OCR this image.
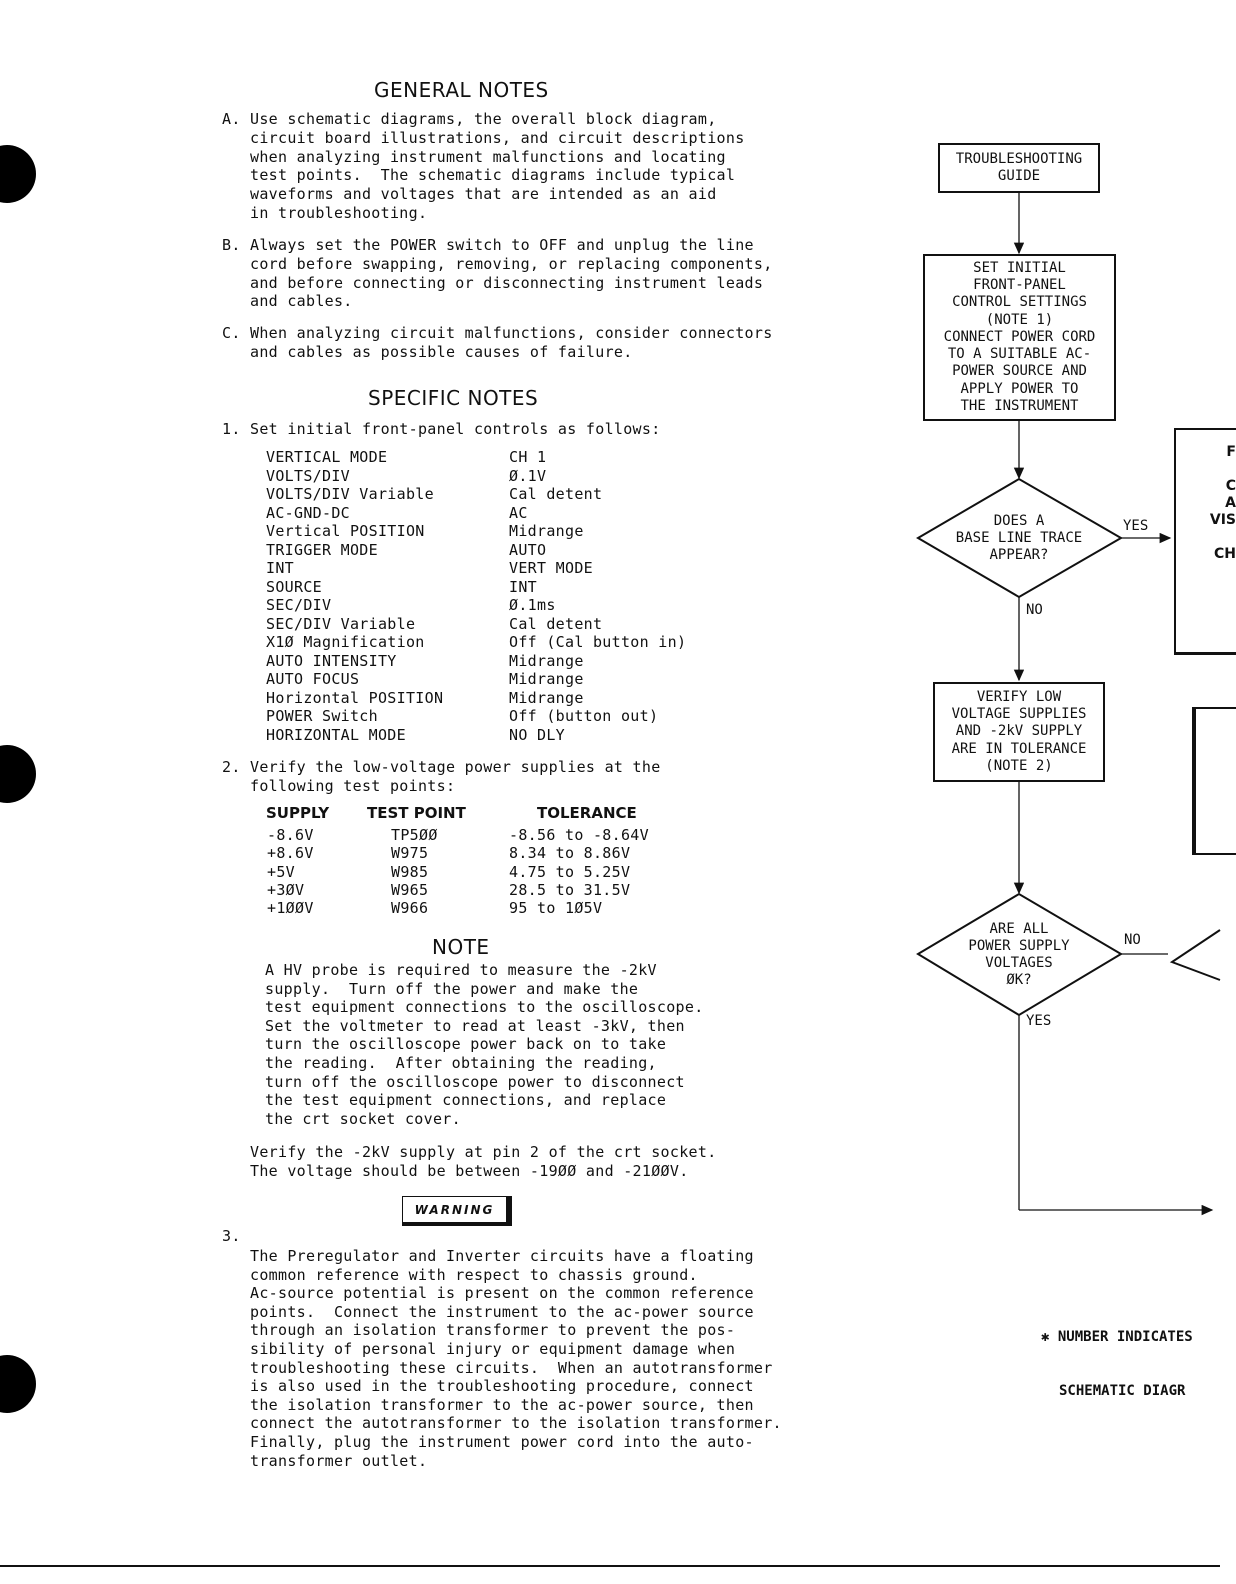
GENERAL NOTES
A. Use schematic diagrams, the overall block diagram,
circuit board illustrations, and circuit descriptions
when analyzing instrument malfunctions and locating
test points.  The schematic diagrams include typical
waveforms and voltages that are intended as an aid
in troubleshooting.
B. Always set the POWER switch to OFF and unplug the line
cord before swapping, removing, or replacing components,
and before connecting or disconnecting instrument leads
and cables.
C. When analyzing circuit malfunctions, consider connectors
and cables as possible causes of failure.
SPECIFIC NOTES
1. Set initial front-panel controls as follows:
VERTICAL MODE	CH 1
VOLTS/DIV	Ø.1V
VOLTS/DIV Variable	Cal detent
AC-GND-DC	AC
Vertical POSITION	Midrange
TRIGGER MODE	AUTO
INT	VERT MODE
SOURCE	INT
SEC/DIV	Ø.1ms
SEC/DIV Variable	Cal detent
X1Ø Magnification	Off (Cal button in)
AUTO INTENSITY	Midrange
AUTO FOCUS	Midrange
Horizontal POSITION	Midrange
POWER Switch	Off (button out)
HORIZONTAL MODE	NO DLY
2. Verify the low-voltage power supplies at the
following test points:
SUPPLY	TEST POINT	TOLERANCE
-8.6V	TP5ØØ	-8.56 to -8.64V
+8.6V	W975	8.34 to 8.86V
+5V	W985	4.75 to 5.25V
+3ØV	W965	28.5 to 31.5V
+1ØØV	W966	95 to 1Ø5V
NOTE
A HV probe is required to measure the -2kV
supply.  Turn off the power and make the
test equipment connections to the oscilloscope.
Set the voltmeter to read at least -3kV, then
turn the oscilloscope power back on to take
the reading.  After obtaining the reading,
turn off the oscilloscope power to disconnect
the test equipment connections, and replace
the crt socket cover.
Verify the -2kV supply at pin 2 of the crt socket.
The voltage should be between -19ØØ and -21ØØV.
3.
WARNING
The Preregulator and Inverter circuits have a floating
common reference with respect to chassis ground.
Ac-source potential is present on the common reference
points.  Connect the instrument to the ac-power source
through an isolation transformer to prevent the pos-
sibility of personal injury or equipment damage when
troubleshooting these circuits.  When an autotransformer
is also used in the troubleshooting procedure, connect
the isolation transformer to the ac-power source, then
connect the autotransformer to the isolation transformer.
Finally, plug the instrument power cord into the auto-
transformer outlet.
TROUBLESHOOTING
GUIDE
SET INITIAL
FRONT-PANEL
CONTROL SETTINGS
(NOTE 1)
CONNECT POWER CORD
TO A SUITABLE AC-
POWER SOURCE AND
APPLY POWER TO
THE INSTRUMENT
DOES A
BASE LINE TRACE
APPEAR?
YES
NO
VERIFY LOW
VOLTAGE SUPPLIES
AND -2kV SUPPLY
ARE IN TOLERANCE
(NOTE 2)
ARE ALL
POWER SUPPLY
VOLTAGES
ØK?
NO
YES
F

C
A
VIS

CH

✱ NUMBER INDICATES

SCHEMATIC DIAGR
